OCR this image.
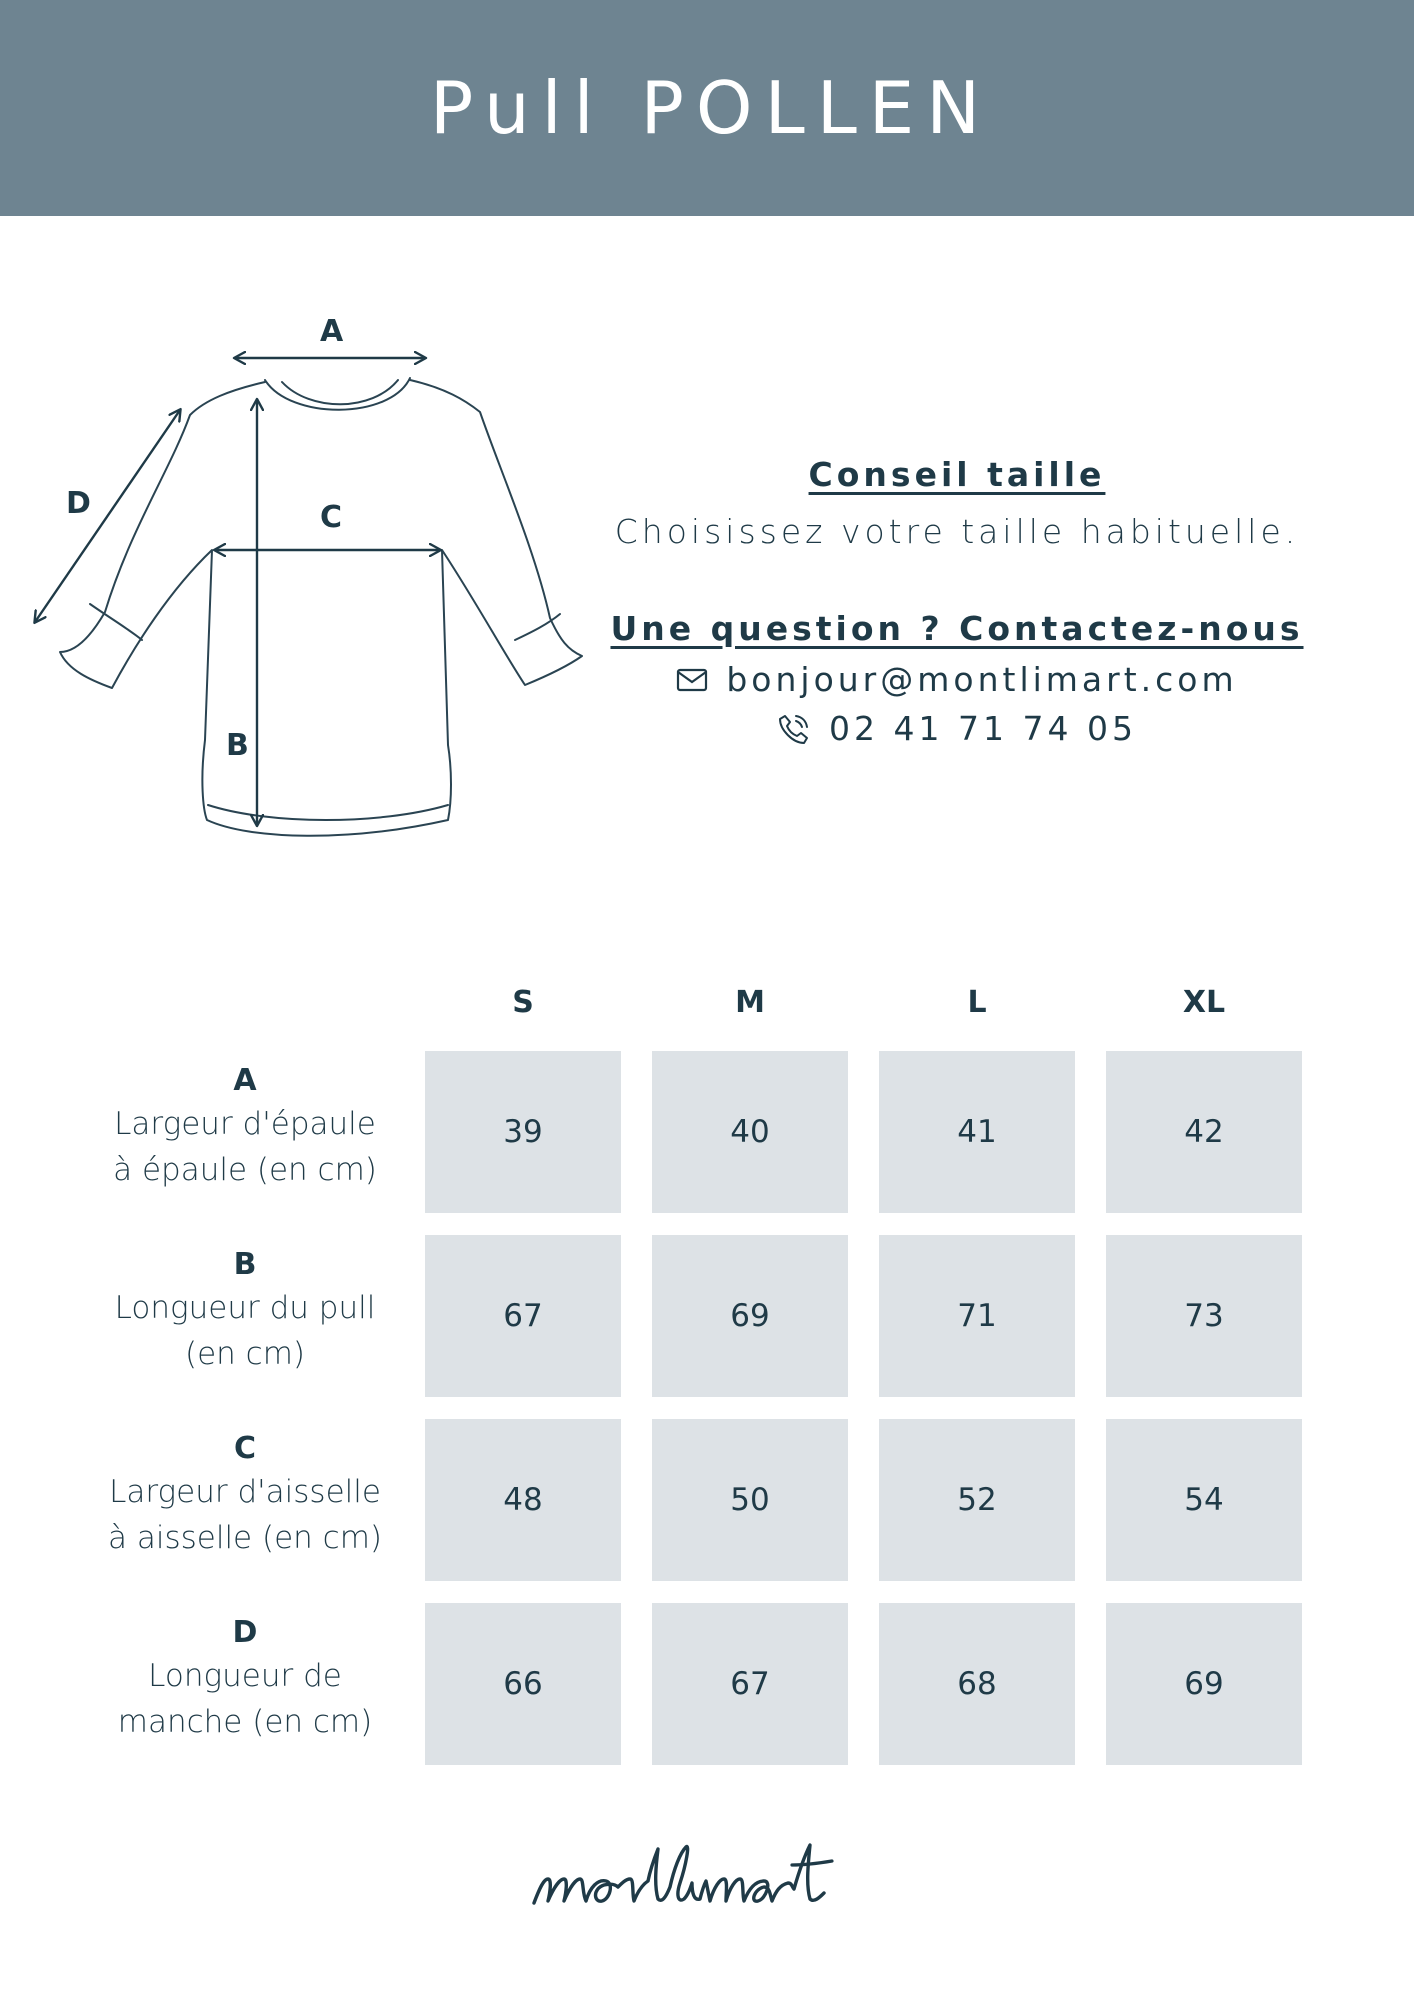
Pull POLLEN
A
C
D
B
Conseil taille
Choisissez votre taille habituelle.
Une question ? Contactez-nous
bonjour@montlimart.com
02 41 71 74 05
S	M	L	XL
A
Largeur d'épaule
à épaule (en cm)
39	40	41	42
B
Longueur du pull
(en cm)
67	69	71	73
C
Largeur d'aisselle
à aisselle (en cm)
48	50	52	54
D
Longueur de
manche (en cm)
66	67	68	69
